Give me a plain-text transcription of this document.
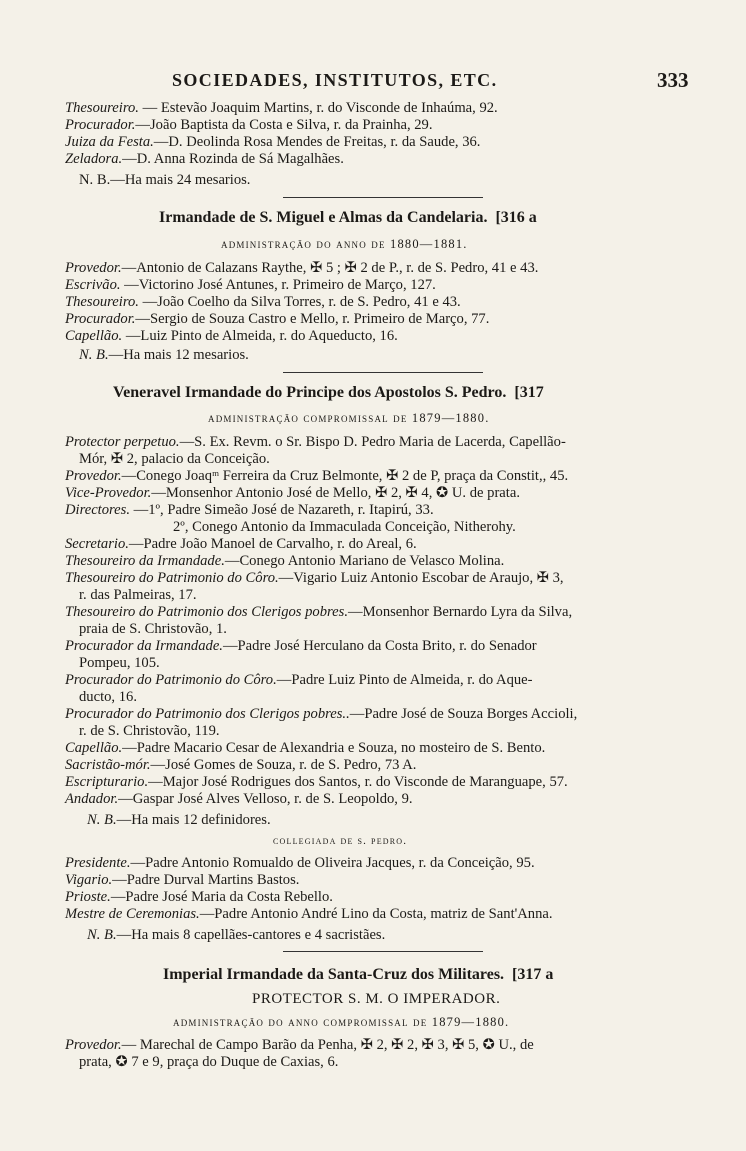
SOCIEDADES, INSTITUTOS, ETC.	333
Thesoureiro. — Estevão Joaquim Martins, r. do Visconde de Inhaúma, 92.
Procurador.—João Baptista da Costa e Silva, r. da Prainha, 29.
Juiza da Festa.—D. Deolinda Rosa Mendes de Freitas, r. da Saude, 36.
Zeladora.—D. Anna Rozinda de Sá Magalhães.
N. B.—Ha mais 24 mesarios.
Irmandade de S. Miguel e Almas da Candelaria. [316 a
administração do anno de 1880—1881.
Provedor.—Antonio de Calazans Raythe, ✠ 5 ; ✠ 2 de P., r. de S. Pedro, 41 e 43.
Escrivão. —Victorino José Antunes, r. Primeiro de Março, 127.
Thesoureiro. —João Coelho da Silva Torres, r. de S. Pedro, 41 e 43.
Procurador.—Sergio de Souza Castro e Mello, r. Primeiro de Março, 77.
Capellão. —Luiz Pinto de Almeida, r. do Aqueducto, 16.
N. B.—Ha mais 12 mesarios.
Veneravel Irmandade do Principe dos Apostolos S. Pedro. [317
administração compromissal de 1879—1880.
Protector perpetuo.—S. Ex. Revm. o Sr. Bispo D. Pedro Maria de Lacerda, Capellão-
Mór, ✠ 2, palacio da Conceição.
Provedor.—Conego Joaqᵐ Ferreira da Cruz Belmonte, ✠ 2 de P, praça da Constit,, 45.
Vice-Provedor.—Monsenhor Antonio José de Mello, ✠ 2, ✠ 4, ✪ U. de prata.
Directores. —1º, Padre Simeão José de Nazareth, r. Itapirú, 33.
2º, Conego Antonio da Immaculada Conceição, Nitherohy.
Secretario.—Padre João Manoel de Carvalho, r. do Areal, 6.
Thesoureiro da Irmandade.—Conego Antonio Mariano de Velasco Molina.
Thesoureiro do Patrimonio do Côro.—Vigario Luiz Antonio Escobar de Araujo, ✠ 3,
r. das Palmeiras, 17.
Thesoureiro do Patrimonio dos Clerigos pobres.—Monsenhor Bernardo Lyra da Silva,
praia de S. Christovão, 1.
Procurador da Irmandade.—Padre José Herculano da Costa Brito, r. do Senador
Pompeu, 105.
Procurador do Patrimonio do Côro.—Padre Luiz Pinto de Almeida, r. do Aque-
ducto, 16.
Procurador do Patrimonio dos Clerigos pobres..—Padre José de Souza Borges Accioli,
r. de S. Christovão, 119.
Capellão.—Padre Macario Cesar de Alexandria e Souza, no mosteiro de S. Bento.
Sacristão-mór.—José Gomes de Souza, r. de S. Pedro, 73 A.
Escripturario.—Major José Rodrigues dos Santos, r. do Visconde de Maranguape, 57.
Andador.—Gaspar José Alves Velloso, r. de S. Leopoldo, 9.
N. B.—Ha mais 12 definidores.
collegiada de s. pedro.
Presidente.—Padre Antonio Romualdo de Oliveira Jacques, r. da Conceição, 95.
Vigario.—Padre Durval Martins Bastos.
Prioste.—Padre José Maria da Costa Rebello.
Mestre de Ceremonias.—Padre Antonio André Lino da Costa, matriz de Sant'Anna.
N. B.—Ha mais 8 capellães-cantores e 4 sacristães.
Imperial Irmandade da Santa-Cruz dos Militares. [317 a
PROTECTOR S. M. O IMPERADOR.
administração do anno compromissal de 1879—1880.
Provedor.— Marechal de Campo Barão da Penha, ✠ 2, ✠ 2, ✠ 3, ✠ 5, ✪ U., de
prata, ✪ 7 e 9, praça do Duque de Caxias, 6.
